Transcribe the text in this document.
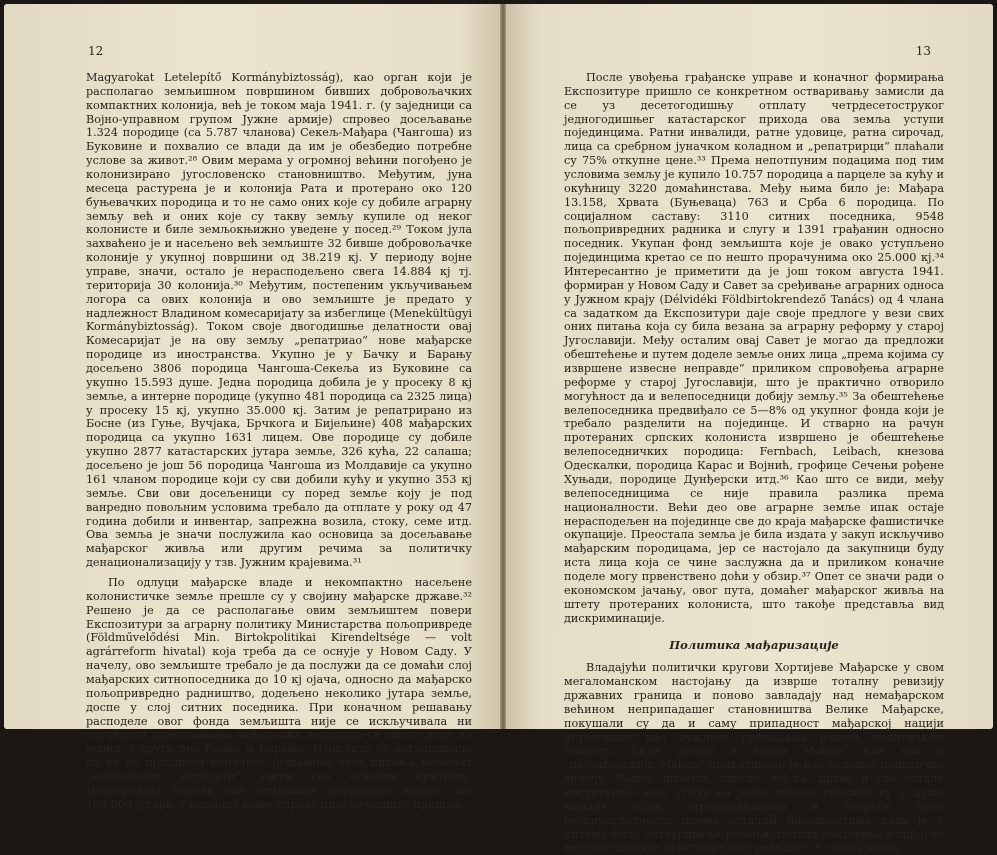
12

Magyarokat Letelepítő Kormánybiztosság), као орган који је располагао земљишном површином бивших добровољачких компактних колонија, већ је током маја 1941. г. (у заједници са Војно-управном групом Јужне армије) спровео досељавање 1.324 породице (са 5.787 чланова) Секељ-Мађара (Чангоша) из Буковине и похвалио се влади да им је обезбедио потребне услове за живот.²⁸ Овим мерама у огромној већини погођено је колонизирано југословенско становништво. Међутим, јуна месеца растурена је и колонија Рата и протерано око 120 буњевачких породица и то не само оних које су добиле аграрну земљу већ и оних које су такву земљу купиле од неког колонисте и биле земљокњижно уведене у посед.²⁹ Током јула захваћено је и насељено већ земљиште 32 бивше добровољачке колоније у укупној површини од 38.219 кј. У периоду војне управе, значи, остало је нерасподељено свега 14.884 кј тј. територија 30 колонија.³⁰ Међутим, постепеним укључивањем логора са ових колонија и ово земљиште је предато у надлежност Владином комесаријату за избеглице (Menekültügyi Kormánybiztosság). Током своје двогодишње делатности овај Комесаријат је на ову земљу „репатриао“ нове мађарске породице из иностранства. Укупно је у Бачку и Барању досељено 3806 породица Чангоша-Секеља из Буковине са укупно 15.593 душе. Једна породица добила је у просеку 8 кј земље, а интерне породице (укупно 481 породица са 2325 лица) у просеку 15 кј, укупно 35.000 кј. Затим је репатрирано из Босне (из Гуње, Вучјака, Брчкога и Бијељине) 408 мађарских породица са укупно 1631 лицем. Ове породице су добиле укупно 2877 катастарских јутара земље, 326 кућа, 22 салаша; досељено је још 56 породица Чангоша из Молдавије са укупно 161 чланом породице који су сви добили кућу и укупно 353 кј земље. Сви ови досељеници су поред земље коју је под ванредно повољним условима требало да отплате у року од 47 година добили и инвентар, запрежна возила, стоку, семе итд. Ова земља је значи послужила као основица за досељавање мађарског живља или другим речима за политичку денационализацију у тзв. Јужним крајевима.³¹

По одлуци мађарске владе и некомпактно насељене колонистичке земље прешле су у својину мађарске државе.³² Решено је да се располагање овим земљиштем повери Експозитури за аграрну политику Министарства пољопривреде (Földművelődési Min. Birtokpolitikai Kirendeltsége — volt agrárreform hivatal) која треба да се оснује у Новом Саду. У начелу, ово земљиште требало је да послужи да се домаћи слој мађарских ситнопоседника до 10 кј ојача, односно да мађарско пољопривредно радништво, додељено неколико јутара земље, доспе у слој ситних поседника. При коначном решавању расподеле овог фонда земљишта није се искључивала ни могућност пресељавања мађарских породица са много деце из једног у други део Бачке и Барање. Изричито се наглашавало да ће се приликом коначног решавања овог питања моменат „националне верности“ узети као основни критериј. Непосредној подели ове земљишне површине, нешто око 109.000 јутара, у периоду војне управе није се уопште пришло.

13

После увођења грађанске управе и коначног формирања Експозитуре пришло се конкретном остваривању замисли да се уз десетогодишњу отплату четрдесетоструког једногодишњег катастарског прихода ова земља уступи појединцима. Ратни инвалиди, ратне удовице, ратна сирочад, лица са сребрном јуначком коладном и „репатрирци“ плаћали су 75% откупне цене.³³ Према непотпуним подацима под тим условима земљу је купило 10.757 породица а парцеле за кућу и окућницу 3220 домаћинстава. Међу њима било је: Мађара 13.158, Хрвата (Буњеваца) 763 и Срба 6 породица. По социјалном саставу: 3110 ситних поседника, 9548 пољопривредних радника и слугу и 1391 грађанин односно поседник. Укупан фонд земљишта које је овако уступљено појединцима кретао се по нешто прорачунима око 25.000 кј.³⁴ Интересантно је приметити да је још током августа 1941. формиран у Новом Саду и Савет за сређивање аграрних односа у Јужном крају (Délvidéki Földbirtokrendező Tanács) од 4 члана са задатком да Експозитури даје своје предлоге у вези свих оних питања која су била везана за аграрну реформу у старој Југославији. Међу осталим овај Савет је могао да предложи обештећење и путем доделе земље оних лица „према којима су извршене извесне неправде“ приликом спровођења аграрне реформе у старој Југославији, што је практично отворило могућност да и велепоседници добију земљу.³⁵ За обештећење велепоседника предвиђало се 5—8% од укупног фонда који је требало разделити на појединце. И стварно на рачун протераних српских колониста извршено је обештећење велепоседничких породица: Fernbach, Leibach, кнезова Одескалки, породица Карас и Војнић, грофице Сечењи рођене Хуњади, породице Дунђерски итд.³⁶ Као што се види, међу велепоседницима се није правила разлика према националности. Већи део ове аграрне земље ипак остаје нерасподељен на појединце све до краја мађарске фашистичке окупације. Преостала земља је била издата у закуп искључиво мађарским породицама, јер се настојало да закупници буду иста лица која се чине заслужна да и приликом коначне поделе могу првенствено доћи у обзир.³⁷ Опет се значи ради о економском јачању, овог пута, домаћег мађарског живља на штету протераних колониста, што такође представља вид дискриминације.

Политика мађаризације

Владајући политички кругови Хортијеве Мађарске у свом мегаломанском настојању да изврше тоталну ревизију државних граница и поново завладају над немађарском већином неприпадашег становништва Велике Мађарске, покушали су да и саму припадност мађарској нацији формулишу као нужност припадања једном политичком покрету. Бити „добар и веран Мађар“ или чак и „најмађарскији Мађар“ приказивано је као основно политичко вјерују. Радио, штампа, школе, војска, црква и све остале институције које утичу на јавно мнење уносили су у душе младих људи отровшовинизма и потребе пуне бескрупулозности према осталим народностима када је у питању било остваривање ревањистичких настојања владајуће велепоседничке аристократске реакције. У свакој јавној
